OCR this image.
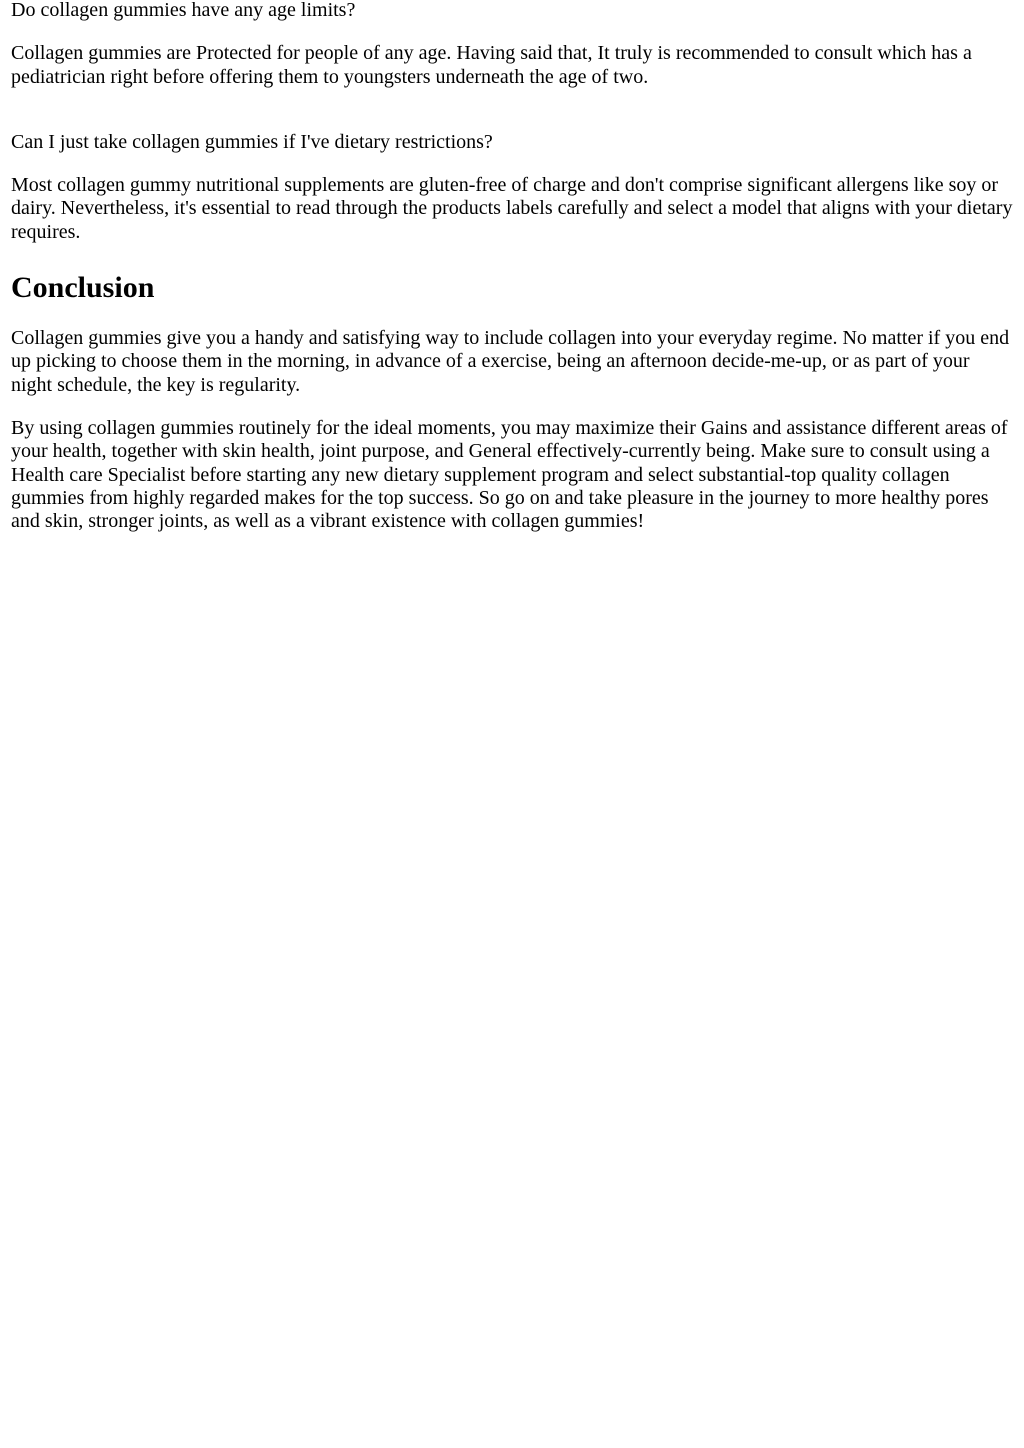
Do collagen gummies have any age limits?

Collagen gummies are Protected for people of any age. Having said that, It truly is recommended to consult which has a pediatrician right before offering them to youngsters underneath the age of two.

Can I just take collagen gummies if I've dietary restrictions?

Most collagen gummy nutritional supplements are gluten-free of charge and don't comprise significant allergens like soy or dairy. Nevertheless, it's essential to read through the products labels carefully and select a model that aligns with your dietary requires.

Conclusion

Collagen gummies give you a handy and satisfying way to include collagen into your everyday regime. No matter if you end up picking to choose them in the morning, in advance of a exercise, being an afternoon decide-me-up, or as part of your night schedule, the key is regularity.

By using collagen gummies routinely for the ideal moments, you may maximize their Gains and assistance different areas of your health, together with skin health, joint purpose, and General effectively-currently being. Make sure to consult using a Health care Specialist before starting any new dietary supplement program and select substantial-top quality collagen gummies from highly regarded makes for the top success. So go on and take pleasure in the journey to more healthy pores and skin, stronger joints, as well as a vibrant existence with collagen gummies!
